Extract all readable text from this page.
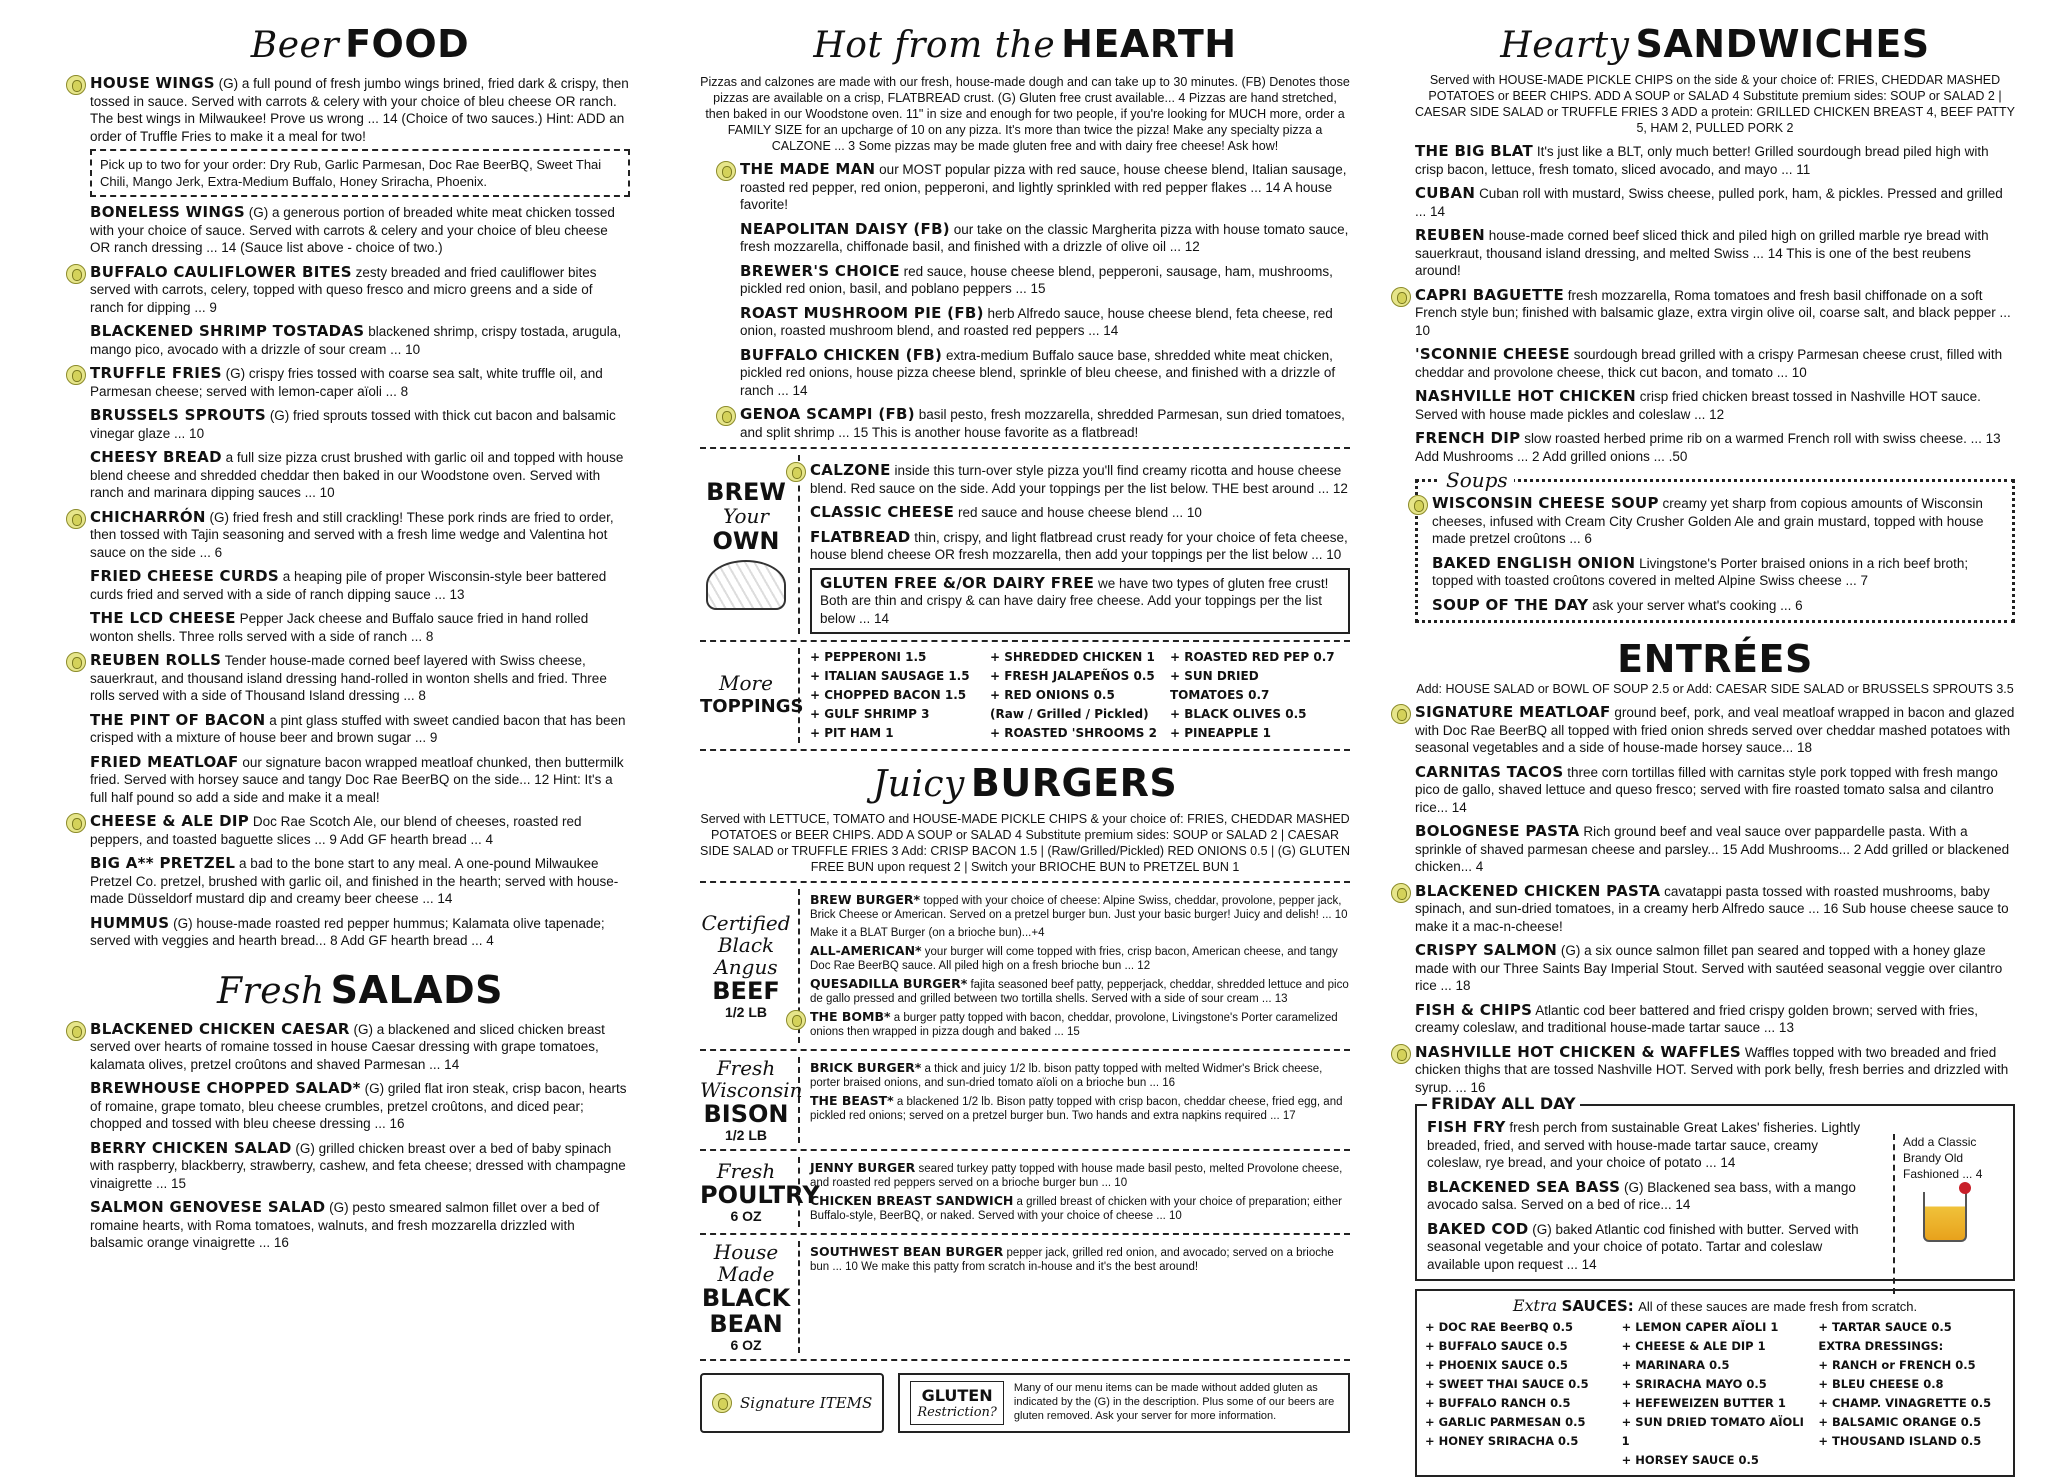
Beer FOOD
HOUSE WINGS (G) a full pound of fresh jumbo wings brined, fried dark & crispy, then tossed in sauce. Served with carrots & celery with your choice of bleu cheese OR ranch. The best wings in Milwaukee! Prove us wrong ... 14 (Choice of two sauces.) Hint: ADD an order of Truffle Fries to make it a meal for two!
Pick up to two for your order: Dry Rub, Garlic Parmesan, Doc Rae BeerBQ, Sweet Thai Chili, Mango Jerk, Extra-Medium Buffalo, Honey Sriracha, Phoenix.
BONELESS WINGS (G) a generous portion of breaded white meat chicken tossed with your choice of sauce. Served with carrots & celery and your choice of bleu cheese OR ranch dressing ... 14 (Sauce list above - choice of two.)
BUFFALO CAULIFLOWER BITES zesty breaded and fried cauliflower bites served with carrots, celery, topped with queso fresco and micro greens and a side of ranch for dipping ... 9
BLACKENED SHRIMP TOSTADAS blackened shrimp, crispy tostada, arugula, mango pico, avocado with a drizzle of sour cream ... 10
TRUFFLE FRIES (G) crispy fries tossed with coarse sea salt, white truffle oil, and Parmesan cheese; served with lemon-caper aïoli ... 8
BRUSSELS SPROUTS (G) fried sprouts tossed with thick cut bacon and balsamic vinegar glaze ... 10
CHEESY BREAD a full size pizza crust brushed with garlic oil and topped with house blend cheese and shredded cheddar then baked in our Woodstone oven. Served with ranch and marinara dipping sauces ... 10
CHICHARRÓN (G) fried fresh and still crackling! These pork rinds are fried to order, then tossed with Tajin seasoning and served with a fresh lime wedge and Valentina hot sauce on the side ... 6
FRIED CHEESE CURDS a heaping pile of proper Wisconsin-style beer battered curds fried and served with a side of ranch dipping sauce ... 13
THE LCD CHEESE Pepper Jack cheese and Buffalo sauce fried in hand rolled wonton shells. Three rolls served with a side of ranch ... 8
REUBEN ROLLS Tender house-made corned beef layered with Swiss cheese, sauerkraut, and thousand island dressing hand-rolled in wonton shells and fried. Three rolls served with a side of Thousand Island dressing ... 8
THE PINT OF BACON a pint glass stuffed with sweet candied bacon that has been crisped with a mixture of house beer and brown sugar ... 9
FRIED MEATLOAF our signature bacon wrapped meatloaf chunked, then buttermilk fried. Served with horsey sauce and tangy Doc Rae BeerBQ on the side... 12 Hint: It's a full half pound so add a side and make it a meal!
CHEESE & ALE DIP Doc Rae Scotch Ale, our blend of cheeses, roasted red peppers, and toasted baguette slices ... 9 Add GF hearth bread ... 4
BIG A** PRETZEL a bad to the bone start to any meal. A one-pound Milwaukee Pretzel Co. pretzel, brushed with garlic oil, and finished in the hearth; served with house-made Düsseldorf mustard dip and creamy beer cheese ... 14
HUMMUS (G) house-made roasted red pepper hummus; Kalamata olive tapenade; served with veggies and hearth bread... 8 Add GF hearth bread ... 4
Fresh SALADS
BLACKENED CHICKEN CAESAR (G) a blackened and sliced chicken breast served over hearts of romaine tossed in house Caesar dressing with grape tomatoes, kalamata olives, pretzel croûtons and shaved Parmesan ... 14
BREWHOUSE CHOPPED SALAD* (G) griled flat iron steak, crisp bacon, hearts of romaine, grape tomato, bleu cheese crumbles, pretzel croûtons, and diced pear; chopped and tossed with bleu cheese dressing ... 16
BERRY CHICKEN SALAD (G) grilled chicken breast over a bed of baby spinach with raspberry, blackberry, strawberry, cashew, and feta cheese; dressed with champagne vinaigrette ... 15
SALMON GENOVESE SALAD (G) pesto smeared salmon fillet over a bed of romaine hearts, with Roma tomatoes, walnuts, and fresh mozzarella drizzled with balsamic orange vinaigrette ... 16
Hot from the HEARTH
Pizzas and calzones are made with our fresh, house-made dough and can take up to 30 minutes. (FB) Denotes those pizzas are available on a crisp, FLATBREAD crust. (G) Gluten free crust available... 4 Pizzas are hand stretched, then baked in our Woodstone oven. 11" in size and enough for two people, if you're looking for MUCH more, order a FAMILY SIZE for an upcharge of 10 on any pizza. It's more than twice the pizza! Make any specialty pizza a CALZONE ... 3 Some pizzas may be made gluten free and with dairy free cheese! Ask how!
THE MADE MAN our MOST popular pizza with red sauce, house cheese blend, Italian sausage, roasted red pepper, red onion, pepperoni, and lightly sprinkled with red pepper flakes ... 14 A house favorite!
NEAPOLITAN DAISY (FB) our take on the classic Margherita pizza with house tomato sauce, fresh mozzarella, chiffonade basil, and finished with a drizzle of olive oil ... 12
BREWER'S CHOICE red sauce, house cheese blend, pepperoni, sausage, ham, mushrooms, pickled red onion, basil, and poblano peppers ... 15
ROAST MUSHROOM PIE (FB) herb Alfredo sauce, house cheese blend, feta cheese, red onion, roasted mushroom blend, and roasted red peppers ... 14
BUFFALO CHICKEN (FB) extra-medium Buffalo sauce base, shredded white meat chicken, pickled red onions, house pizza cheese blend, sprinkle of bleu cheese, and finished with a drizzle of ranch ... 14
GENOA SCAMPI (FB) basil pesto, fresh mozzarella, shredded Parmesan, sun dried tomatoes, and split shrimp ... 15 This is another house favorite as a flatbread!
BREW
Your OWN
CALZONE inside this turn-over style pizza you'll find creamy ricotta and house cheese blend. Red sauce on the side. Add your toppings per the list below. THE best around ... 12
CLASSIC CHEESE red sauce and house cheese blend ... 10
FLATBREAD thin, crispy, and light flatbread crust ready for your choice of feta cheese, house blend cheese OR fresh mozzarella, then add your toppings per the list below ... 10
GLUTEN FREE &/OR DAIRY FREE we have two types of gluten free crust! Both are thin and crispy & can have dairy free cheese. Add your toppings per the list below ... 14
More
TOPPINGS
+ PEPPERONI 1.5
+ ITALIAN SAUSAGE 1.5
+ CHOPPED BACON 1.5
+ GULF SHRIMP 3
+ PIT HAM 1
+ SHREDDED CHICKEN 1
+ FRESH JALAPEÑOS 0.5
+ RED ONIONS 0.5
(Raw / Grilled / Pickled)
+ ROASTED 'SHROOMS 2
+ ROASTED RED PEP 0.7
+ SUN DRIED
TOMATOES 0.7
+ BLACK OLIVES 0.5
+ PINEAPPLE 1
Juicy BURGERS
Served with LETTUCE, TOMATO and HOUSE-MADE PICKLE CHIPS & your choice of: FRIES, CHEDDAR MASHED POTATOES or BEER CHIPS. ADD A SOUP or SALAD 4 Substitute premium sides: SOUP or SALAD 2 | CAESAR SIDE SALAD or TRUFFLE FRIES 3 Add: CRISP BACON 1.5 | (Raw/Grilled/Pickled) RED ONIONS 0.5 | (G) GLUTEN FREE BUN upon request 2 | Switch your BRIOCHE BUN to PRETZEL BUN 1
Certified Black Angus
BEEF
1/2 LB
BREW BURGER* topped with your choice of cheese: Alpine Swiss, cheddar, provolone, pepper jack, Brick Cheese or American. Served on a pretzel burger bun. Just your basic burger! Juicy and delish! ... 10
Make it a BLAT Burger (on a brioche bun)...+4
ALL-AMERICAN* your burger will come topped with fries, crisp bacon, American cheese, and tangy Doc Rae BeerBQ sauce. All piled high on a fresh brioche bun ... 12
QUESADILLA BURGER* fajita seasoned beef patty, pepperjack, cheddar, shredded lettuce and pico de gallo pressed and grilled between two tortilla shells. Served with a side of sour cream ... 13
THE BOMB* a burger patty topped with bacon, cheddar, provolone, Livingstone's Porter caramelized onions then wrapped in pizza dough and baked ... 15
Fresh
Wisconsin
BISON
1/2 LB
BRICK BURGER* a thick and juicy 1/2 lb. bison patty topped with melted Widmer's Brick cheese, porter braised onions, and sun-dried tomato aïoli on a brioche bun ... 16
THE BEAST* a blackened 1/2 lb. Bison patty topped with crisp bacon, cheddar cheese, fried egg, and pickled red onions; served on a pretzel burger bun. Two hands and extra napkins required ... 17
Fresh
POULTRY
6 OZ
JENNY BURGER seared turkey patty topped with house made basil pesto, melted Provolone cheese, and roasted red peppers served on a brioche burger bun ... 10
CHICKEN BREAST SANDWICH a grilled breast of chicken with your choice of preparation; either Buffalo-style, BeerBQ, or naked. Served with your choice of cheese ... 10
House Made
BLACK BEAN
6 OZ
SOUTHWEST BEAN BURGER pepper jack, grilled red onion, and avocado; served on a brioche bun ... 10 We make this patty from scratch in-house and it's the best around!
Signature ITEMS	GLUTEN
Restriction?
Many of our menu items can be made without added gluten as indicated by the (G) in the description. Plus some of our beers are gluten removed. Ask your server for more information.
Hearty SANDWICHES
Served with HOUSE-MADE PICKLE CHIPS on the side & your choice of: FRIES, CHEDDAR MASHED POTATOES or BEER CHIPS. ADD A SOUP or SALAD 4 Substitute premium sides: SOUP or SALAD 2 | CAESAR SIDE SALAD or TRUFFLE FRIES 3 ADD a protein: GRILLED CHICKEN BREAST 4, BEEF PATTY 5, HAM 2, PULLED PORK 2
THE BIG BLAT It's just like a BLT, only much better! Grilled sourdough bread piled high with crisp bacon, lettuce, fresh tomato, sliced avocado, and mayo ... 11
CUBAN Cuban roll with mustard, Swiss cheese, pulled pork, ham, & pickles. Pressed and grilled ... 14
REUBEN house-made corned beef sliced thick and piled high on grilled marble rye bread with sauerkraut, thousand island dressing, and melted Swiss ... 14 This is one of the best reubens around!
CAPRI BAGUETTE fresh mozzarella, Roma tomatoes and fresh basil chiffonade on a soft French style bun; finished with balsamic glaze, extra virgin olive oil, coarse salt, and black pepper ... 10
'SCONNIE CHEESE sourdough bread grilled with a crispy Parmesan cheese crust, filled with cheddar and provolone cheese, thick cut bacon, and tomato ... 10
NASHVILLE HOT CHICKEN crisp fried chicken breast tossed in Nashville HOT sauce. Served with house made pickles and coleslaw ... 12
FRENCH DIP slow roasted herbed prime rib on a warmed French roll with swiss cheese. ... 13 Add Mushrooms ... 2 Add grilled onions ... .50
Soups
WISCONSIN CHEESE SOUP creamy yet sharp from copious amounts of Wisconsin cheeses, infused with Cream City Crusher Golden Ale and grain mustard, topped with house made pretzel croûtons ... 6
BAKED ENGLISH ONION Livingstone's Porter braised onions in a rich beef broth; topped with toasted croûtons covered in melted Alpine Swiss cheese ... 7
SOUP OF THE DAY ask your server what's cooking ... 6
ENTRÉES
Add: HOUSE SALAD or BOWL OF SOUP 2.5 or Add: CAESAR SIDE SALAD or BRUSSELS SPROUTS 3.5
SIGNATURE MEATLOAF ground beef, pork, and veal meatloaf wrapped in bacon and glazed with Doc Rae BeerBQ all topped with fried onion shreds served over cheddar mashed potatoes with seasonal vegetables and a side of house-made horsey sauce... 18
CARNITAS TACOS three corn tortillas filled with carnitas style pork topped with fresh mango pico de gallo, shaved lettuce and queso fresco; served with fire roasted tomato salsa and cilantro rice... 14
BOLOGNESE PASTA Rich ground beef and veal sauce over pappardelle pasta. With a sprinkle of shaved parmesan cheese and parsley... 15 Add Mushrooms... 2 Add grilled or blackened chicken... 4
BLACKENED CHICKEN PASTA cavatappi pasta tossed with roasted mushrooms, baby spinach, and sun-dried tomatoes, in a creamy herb Alfredo sauce ... 16 Sub house cheese sauce to make it a mac-n-cheese!
CRISPY SALMON (G) a six ounce salmon fillet pan seared and topped with a honey glaze made with our Three Saints Bay Imperial Stout. Served with sautéed seasonal veggie over cilantro rice ... 18
FISH & CHIPS Atlantic cod beer battered and fried crispy golden brown; served with fries, creamy coleslaw, and traditional house-made tartar sauce ... 13
NASHVILLE HOT CHICKEN & WAFFLES Waffles topped with two breaded and fried chicken thighs that are tossed Nashville HOT. Served with pork belly, fresh berries and drizzled with syrup. ... 16
FRIDAY ALL DAY
FISH FRY fresh perch from sustainable Great Lakes' fisheries. Lightly breaded, fried, and served with house-made tartar sauce, creamy coleslaw, rye bread, and your choice of potato ... 14
BLACKENED SEA BASS (G) Blackened sea bass, with a mango avocado salsa. Served on a bed of rice... 14
BAKED COD (G) baked Atlantic cod finished with butter. Served with seasonal vegetable and your choice of potato. Tartar and coleslaw available upon request ... 14
Add a Classic Brandy Old Fashioned ... 4
Extra SAUCES: All of these sauces are made fresh from scratch.
+ DOC RAE BeerBQ 0.5
+ BUFFALO SAUCE 0.5
+ PHOENIX SAUCE 0.5
+ SWEET THAI SAUCE 0.5
+ BUFFALO RANCH 0.5
+ GARLIC PARMESAN 0.5
+ HONEY SRIRACHA 0.5
+ LEMON CAPER AÏOLI 1
+ CHEESE & ALE DIP 1
+ MARINARA 0.5
+ SRIRACHA MAYO 0.5
+ HEFEWEIZEN BUTTER 1
+ SUN DRIED TOMATO AÏOLI 1
+ HORSEY SAUCE 0.5
+ TARTAR SAUCE 0.5
EXTRA DRESSINGS:
+ RANCH or FRENCH 0.5
+ BLEU CHEESE 0.8
+ CHAMP. VINAGRETTE 0.5
+ BALSAMIC ORANGE 0.5
+ THOUSAND ISLAND 0.5
